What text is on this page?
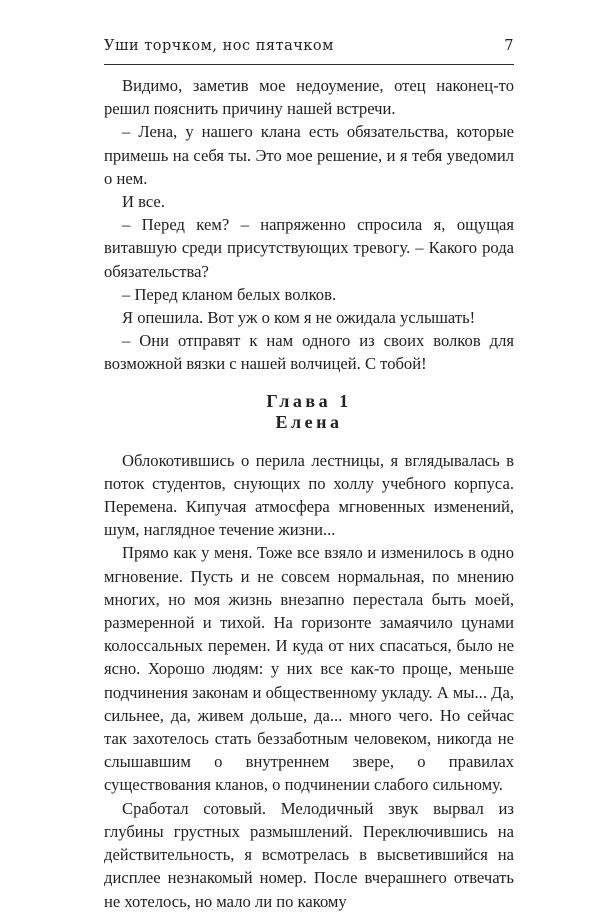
Уши торчком, нос пятачком	7

Видимо, заметив мое недоумение, отец наконец-то решил пояснить причину нашей встречи.

– Лена, у нашего клана есть обязательства, которые примешь на себя ты. Это мое решение, и я тебя уведомил о нем.

И все.

– Перед кем? – напряженно спросила я, ощущая витавшую среди присутствующих тревогу. – Какого рода обязательства?

– Перед кланом белых волков.

Я опешила. Вот уж о ком я не ожидала услышать!

– Они отправят к нам одного из своих волков для возможной вязки с нашей волчицей. С тобой!

Глава 1
Елена

Облокотившись о перила лестницы, я вглядывалась в поток студентов, снующих по холлу учебного корпуса. Перемена. Кипучая атмосфера мгновенных изменений, шум, наглядное течение жизни...

Прямо как у меня. Тоже все взяло и изменилось в одно мгновение. Пусть и не совсем нормальная, по мнению многих, но моя жизнь внезапно перестала быть моей, размеренной и тихой. На горизонте замаячило цунами колоссальных перемен. И куда от них спасаться, было не ясно. Хорошо людям: у них все как-то проще, меньше подчинения законам и общественному укладу. А мы... Да, сильнее, да, живем дольше, да... много чего. Но сейчас так захотелось стать беззаботным человеком, никогда не слышавшим о внутреннем звере, о правилах существования кланов, о подчинении слабого сильному.

Сработал сотовый. Мелодичный звук вырвал из глубины грустных размышлений. Переключившись на действительность, я всмотрелась в высветившийся на дисплее незнакомый номер. После вчерашнего отвечать не хотелось, но мало ли по какому
